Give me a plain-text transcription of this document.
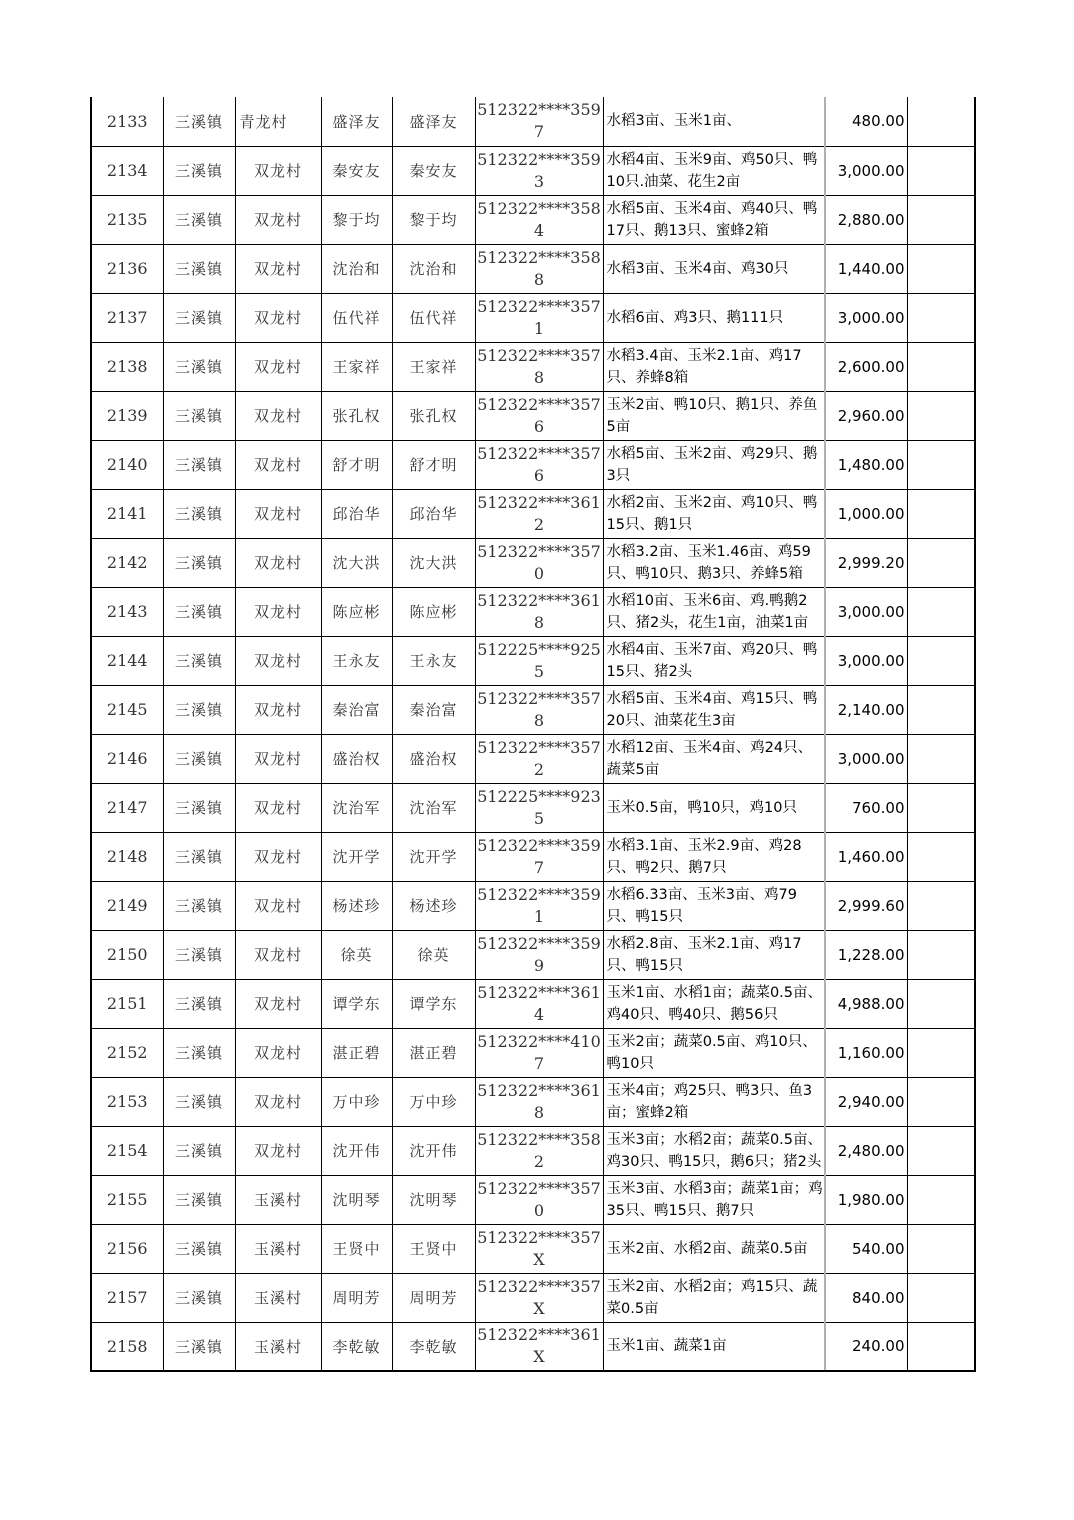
2133	三溪镇	青龙村	盛泽友	盛泽友	512322****3597	水稻3亩、玉米1亩、	480.00	
2134	三溪镇	双龙村	秦安友	秦安友	512322****3593	水稻4亩、玉米9亩、鸡50只、鸭10只.油菜、花生2亩	3,000.00	
2135	三溪镇	双龙村	黎于均	黎于均	512322****3584	水稻5亩、玉米4亩、鸡40只、鸭17只、鹅13只、蜜蜂2箱	2,880.00	
2136	三溪镇	双龙村	沈治和	沈治和	512322****3588	水稻3亩、玉米4亩、鸡30只	1,440.00	
2137	三溪镇	双龙村	伍代祥	伍代祥	512322****3571	水稻6亩、鸡3只、鹅111只	3,000.00	
2138	三溪镇	双龙村	王家祥	王家祥	512322****3578	水稻3.4亩、玉米2.1亩、鸡17只、养蜂8箱	2,600.00	
2139	三溪镇	双龙村	张孔权	张孔权	512322****3576	玉米2亩、鸭10只、鹅1只、养鱼5亩	2,960.00	
2140	三溪镇	双龙村	舒才明	舒才明	512322****3576	水稻5亩、玉米2亩、鸡29只、鹅3只	1,480.00	
2141	三溪镇	双龙村	邱治华	邱治华	512322****3612	水稻2亩、玉米2亩、鸡10只、鸭15只、鹅1只	1,000.00	
2142	三溪镇	双龙村	沈大洪	沈大洪	512322****3570	水稻3.2亩、玉米1.46亩、鸡59只、鸭10只、鹅3只、养蜂5箱	2,999.20	
2143	三溪镇	双龙村	陈应彬	陈应彬	512322****3618	水稻10亩、玉米6亩、鸡.鸭鹅2只、猪2头，花生1亩，油菜1亩	3,000.00	
2144	三溪镇	双龙村	王永友	王永友	512225****9255	水稻4亩、玉米7亩、鸡20只、鸭15只、猪2头	3,000.00	
2145	三溪镇	双龙村	秦治富	秦治富	512322****3578	水稻5亩、玉米4亩、鸡15只、鸭20只、油菜花生3亩	2,140.00	
2146	三溪镇	双龙村	盛治权	盛治权	512322****3572	水稻12亩、玉米4亩、鸡24只、蔬菜5亩	3,000.00	
2147	三溪镇	双龙村	沈治军	沈治军	512225****9235	玉米0.5亩，鸭10只，鸡10只	760.00	
2148	三溪镇	双龙村	沈开学	沈开学	512322****3597	水稻3.1亩、玉米2.9亩、鸡28只、鸭2只、鹅7只	1,460.00	
2149	三溪镇	双龙村	杨述珍	杨述珍	512322****3591	水稻6.33亩、玉米3亩、鸡79只、鸭15只	2,999.60	
2150	三溪镇	双龙村	徐英	徐英	512322****3599	水稻2.8亩、玉米2.1亩、鸡17只、鸭15只	1,228.00	
2151	三溪镇	双龙村	谭学东	谭学东	512322****3614	玉米1亩、水稻1亩；蔬菜0.5亩、鸡40只、鸭40只、鹅56只	4,988.00	
2152	三溪镇	双龙村	湛正碧	湛正碧	512322****4107	玉米2亩；蔬菜0.5亩、鸡10只、鸭10只	1,160.00	
2153	三溪镇	双龙村	万中珍	万中珍	512322****3618	玉米4亩；鸡25只、鸭3只、鱼3亩；蜜蜂2箱	2,940.00	
2154	三溪镇	双龙村	沈开伟	沈开伟	512322****3582	玉米3亩；水稻2亩；蔬菜0.5亩、鸡30只、鸭15只，鹅6只；猪2头	2,480.00	
2155	三溪镇	玉溪村	沈明琴	沈明琴	512322****3570	玉米3亩、水稻3亩；蔬菜1亩；鸡35只、鸭15只、鹅7只	1,980.00	
2156	三溪镇	玉溪村	王贤中	王贤中	512322****357X	玉米2亩、水稻2亩、蔬菜0.5亩	540.00	
2157	三溪镇	玉溪村	周明芳	周明芳	512322****357X	玉米2亩、水稻2亩；鸡15只、蔬菜0.5亩	840.00	
2158	三溪镇	玉溪村	李乾敏	李乾敏	512322****361X	玉米1亩、蔬菜1亩	240.00	
